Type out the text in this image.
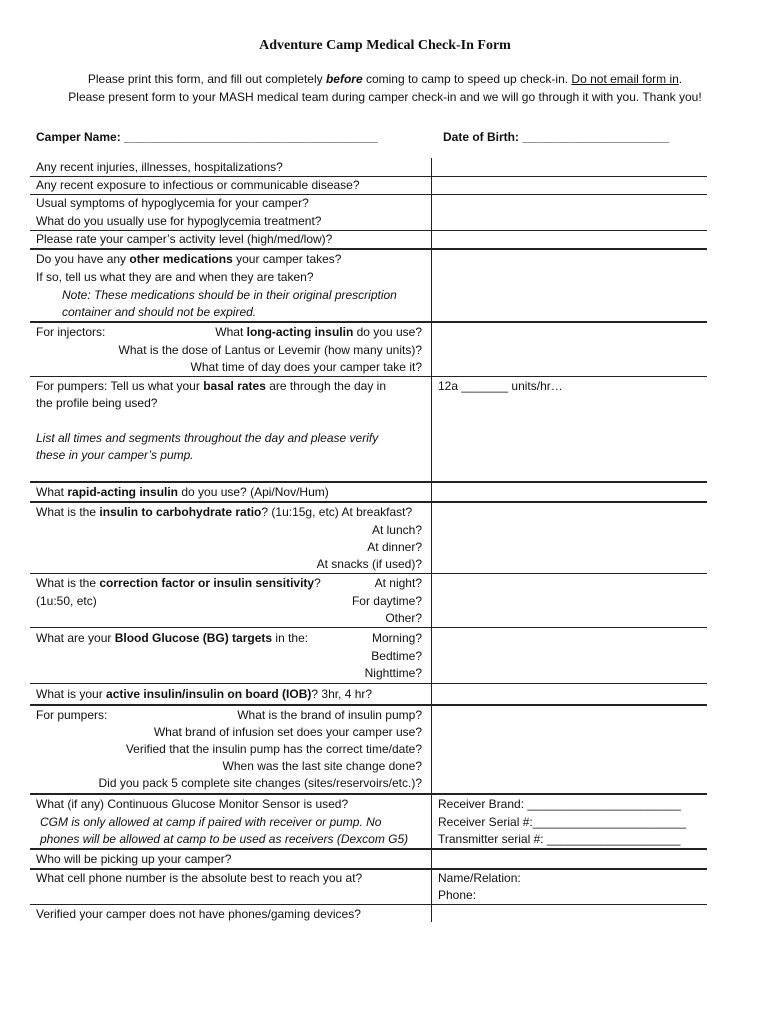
Adventure Camp Medical Check-In Form
Please print this form, and fill out completely before coming to camp to speed up check-in. Do not email form in.
Please present form to your MASH medical team during camper check-in and we will go through it with you. Thank you!
Camper Name: ______________________________________	Date of Birth: ______________________
Any recent injuries, illnesses, hospitalizations?
Any recent exposure to infectious or communicable disease?
Usual symptoms of hypoglycemia for your camper?
What do you usually use for hypoglycemia treatment?
Please rate your camper’s activity level (high/med/low)?
Do you have any other medications your camper takes?
If so, tell us what they are and when they are taken?
Note: These medications should be in their original prescription
container and should not be expired.
For injectors:	What long-acting insulin do you use?
What is the dose of Lantus or Levemir (how many units)?
What time of day does your camper take it?
For pumpers: Tell us what your basal rates are through the day in
the profile being used?
List all times and segments throughout the day and please verify
these in your camper’s pump.
12a _______ units/hr…
What rapid-acting insulin do you use? (Api/Nov/Hum)
What is the insulin to carbohydrate ratio? (1u:15g, etc) At breakfast?
At lunch?
At dinner?
At snacks (if used)?
What is the correction factor or insulin sensitivity?	At night?
(1u:50, etc)	For daytime?
Other?
What are your Blood Glucose (BG) targets in the:	Morning?
Bedtime?
Nighttime?
What is your active insulin/insulin on board (IOB)? 3hr, 4 hr?
For pumpers:	What is the brand of insulin pump?
What brand of infusion set does your camper use?
Verified that the insulin pump has the correct time/date?
When was the last site change done?
Did you pack 5 complete site changes (sites/reservoirs/etc.)?
What (if any) Continuous Glucose Monitor Sensor is used?
CGM is only allowed at camp if paired with receiver or pump. No
phones will be allowed at camp to be used as receivers (Dexcom G5)
Receiver Brand: _______________________
Receiver Serial #:_______________________
Transmitter serial #: ____________________
Who will be picking up your camper?
What cell phone number is the absolute best to reach you at?	Name/Relation:
Phone:
Verified your camper does not have phones/gaming devices?
